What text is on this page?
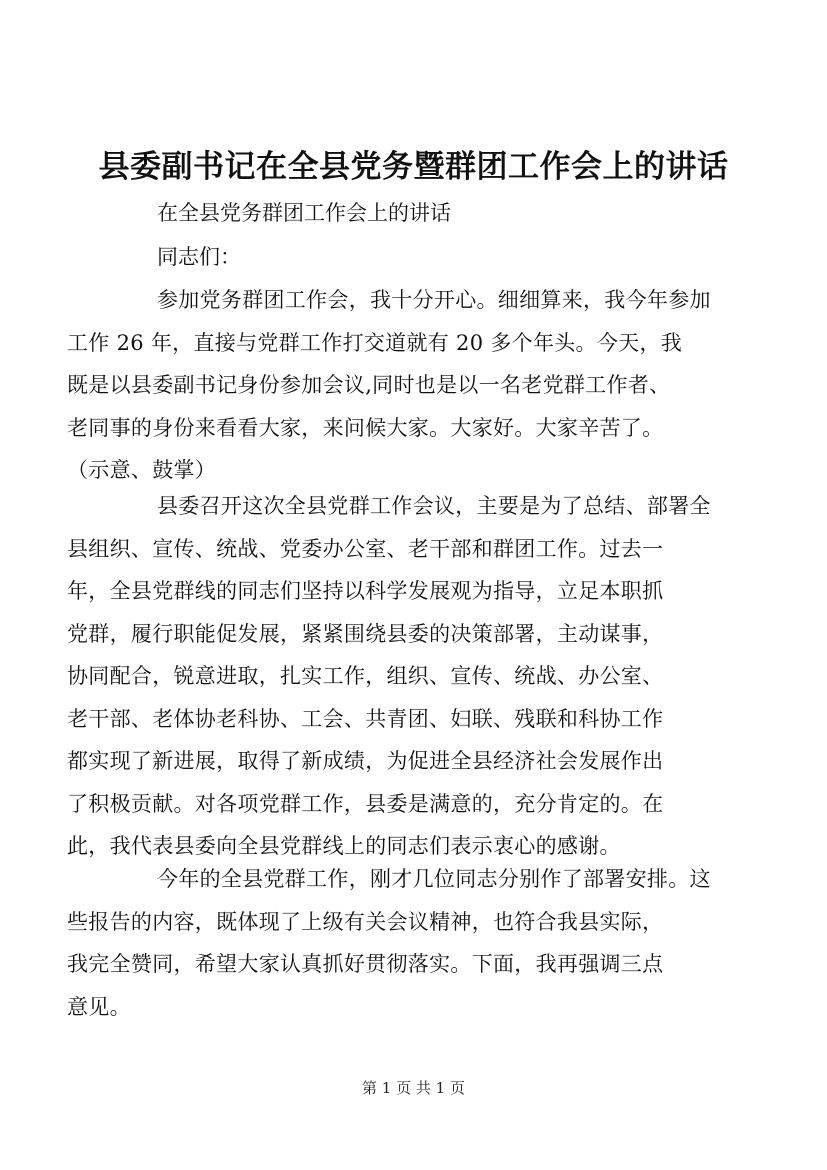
县委副书记在全县党务暨群团工作会上的讲话
在全县党务群团工作会上的讲话
同志们：
参加党务群团工作会，我十分开心。细细算来，我今年参加
工作 26 年，直接与党群工作打交道就有 20 多个年头。今天，我
既是以县委副书记身份参加会议,同时也是以一名老党群工作者、
老同事的身份来看看大家，来问候大家。大家好。大家辛苦了。
（示意、鼓掌）
县委召开这次全县党群工作会议，主要是为了总结、部署全
县组织、宣传、统战、党委办公室、老干部和群团工作。过去一
年，全县党群线的同志们坚持以科学发展观为指导，立足本职抓
党群，履行职能促发展，紧紧围绕县委的决策部署，主动谋事，
协同配合，锐意进取，扎实工作，组织、宣传、统战、办公室、
老干部、老体协老科协、工会、共青团、妇联、残联和科协工作
都实现了新进展，取得了新成绩，为促进全县经济社会发展作出
了积极贡献。对各项党群工作，县委是满意的，充分肯定的。在
此，我代表县委向全县党群线上的同志们表示衷心的感谢。
今年的全县党群工作，刚才几位同志分别作了部署安排。这
些报告的内容，既体现了上级有关会议精神，也符合我县实际，
我完全赞同，希望大家认真抓好贯彻落实。下面，我再强调三点
意见。
第 1 页 共 1 页
